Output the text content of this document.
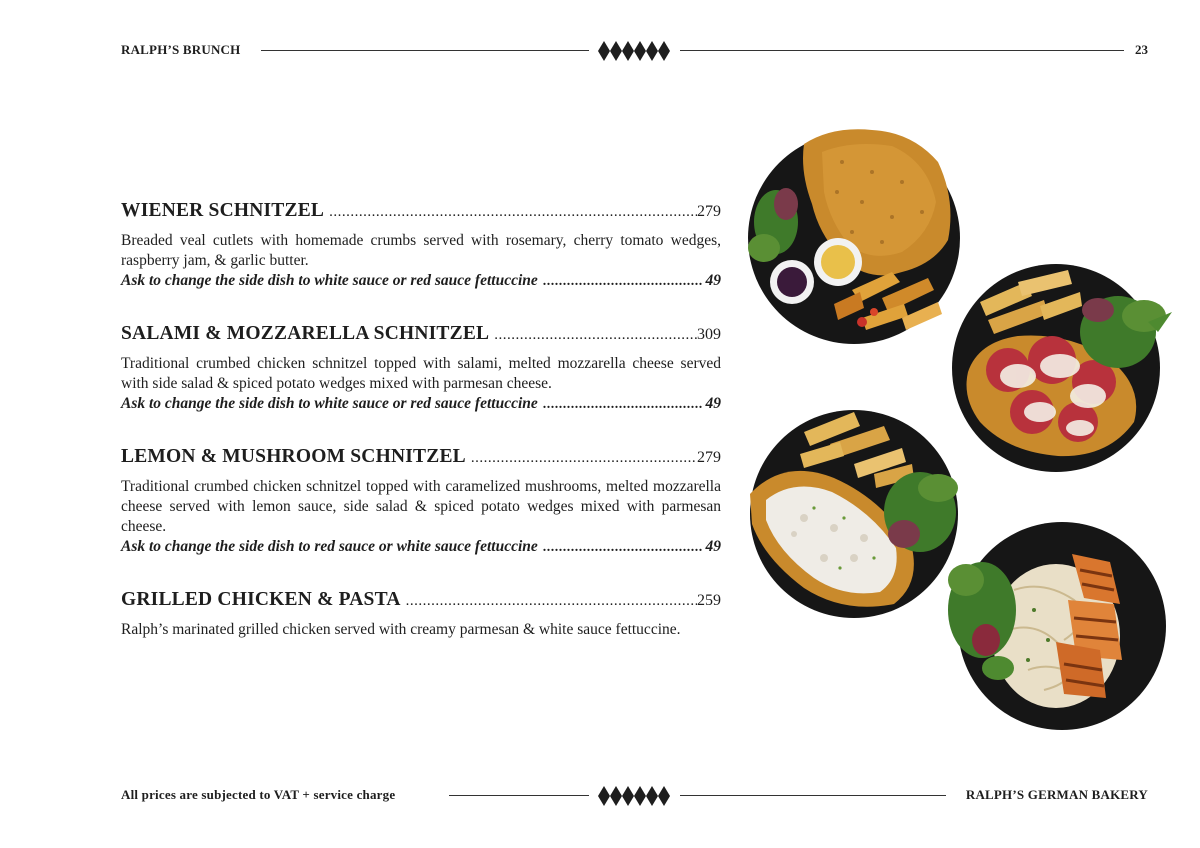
RALPH’S BRUNCH	23
WIENER SCHNITZEL .....	279
Breaded veal cutlets with homemade crumbs served with rosemary, cherry tomato wedges, raspberry jam, & garlic butter.
Ask to change the side dish to white sauce or red sauce fettuccine .....	49
SALAMI & MOZZARELLA SCHNITZEL .....	309
Traditional crumbed chicken schnitzel topped with salami, melted mozzarella cheese served with side salad & spiced potato wedges mixed with parmesan cheese.
Ask to change the side dish to white sauce or red sauce fettuccine .....	49
LEMON & MUSHROOM SCHNITZEL .....	279
Traditional crumbed chicken schnitzel topped with caramelized mushrooms, melted mozzarella cheese served with lemon sauce, side salad & spiced potato wedges mixed with parmesan cheese.
Ask to change the side dish to red sauce or white sauce fettuccine .....	49
GRILLED CHICKEN & PASTA .....	259
Ralph’s marinated grilled chicken served with creamy parmesan & white sauce fettuccine.
All prices are subjected to VAT + service charge	RALPH’S GERMAN BAKERY
